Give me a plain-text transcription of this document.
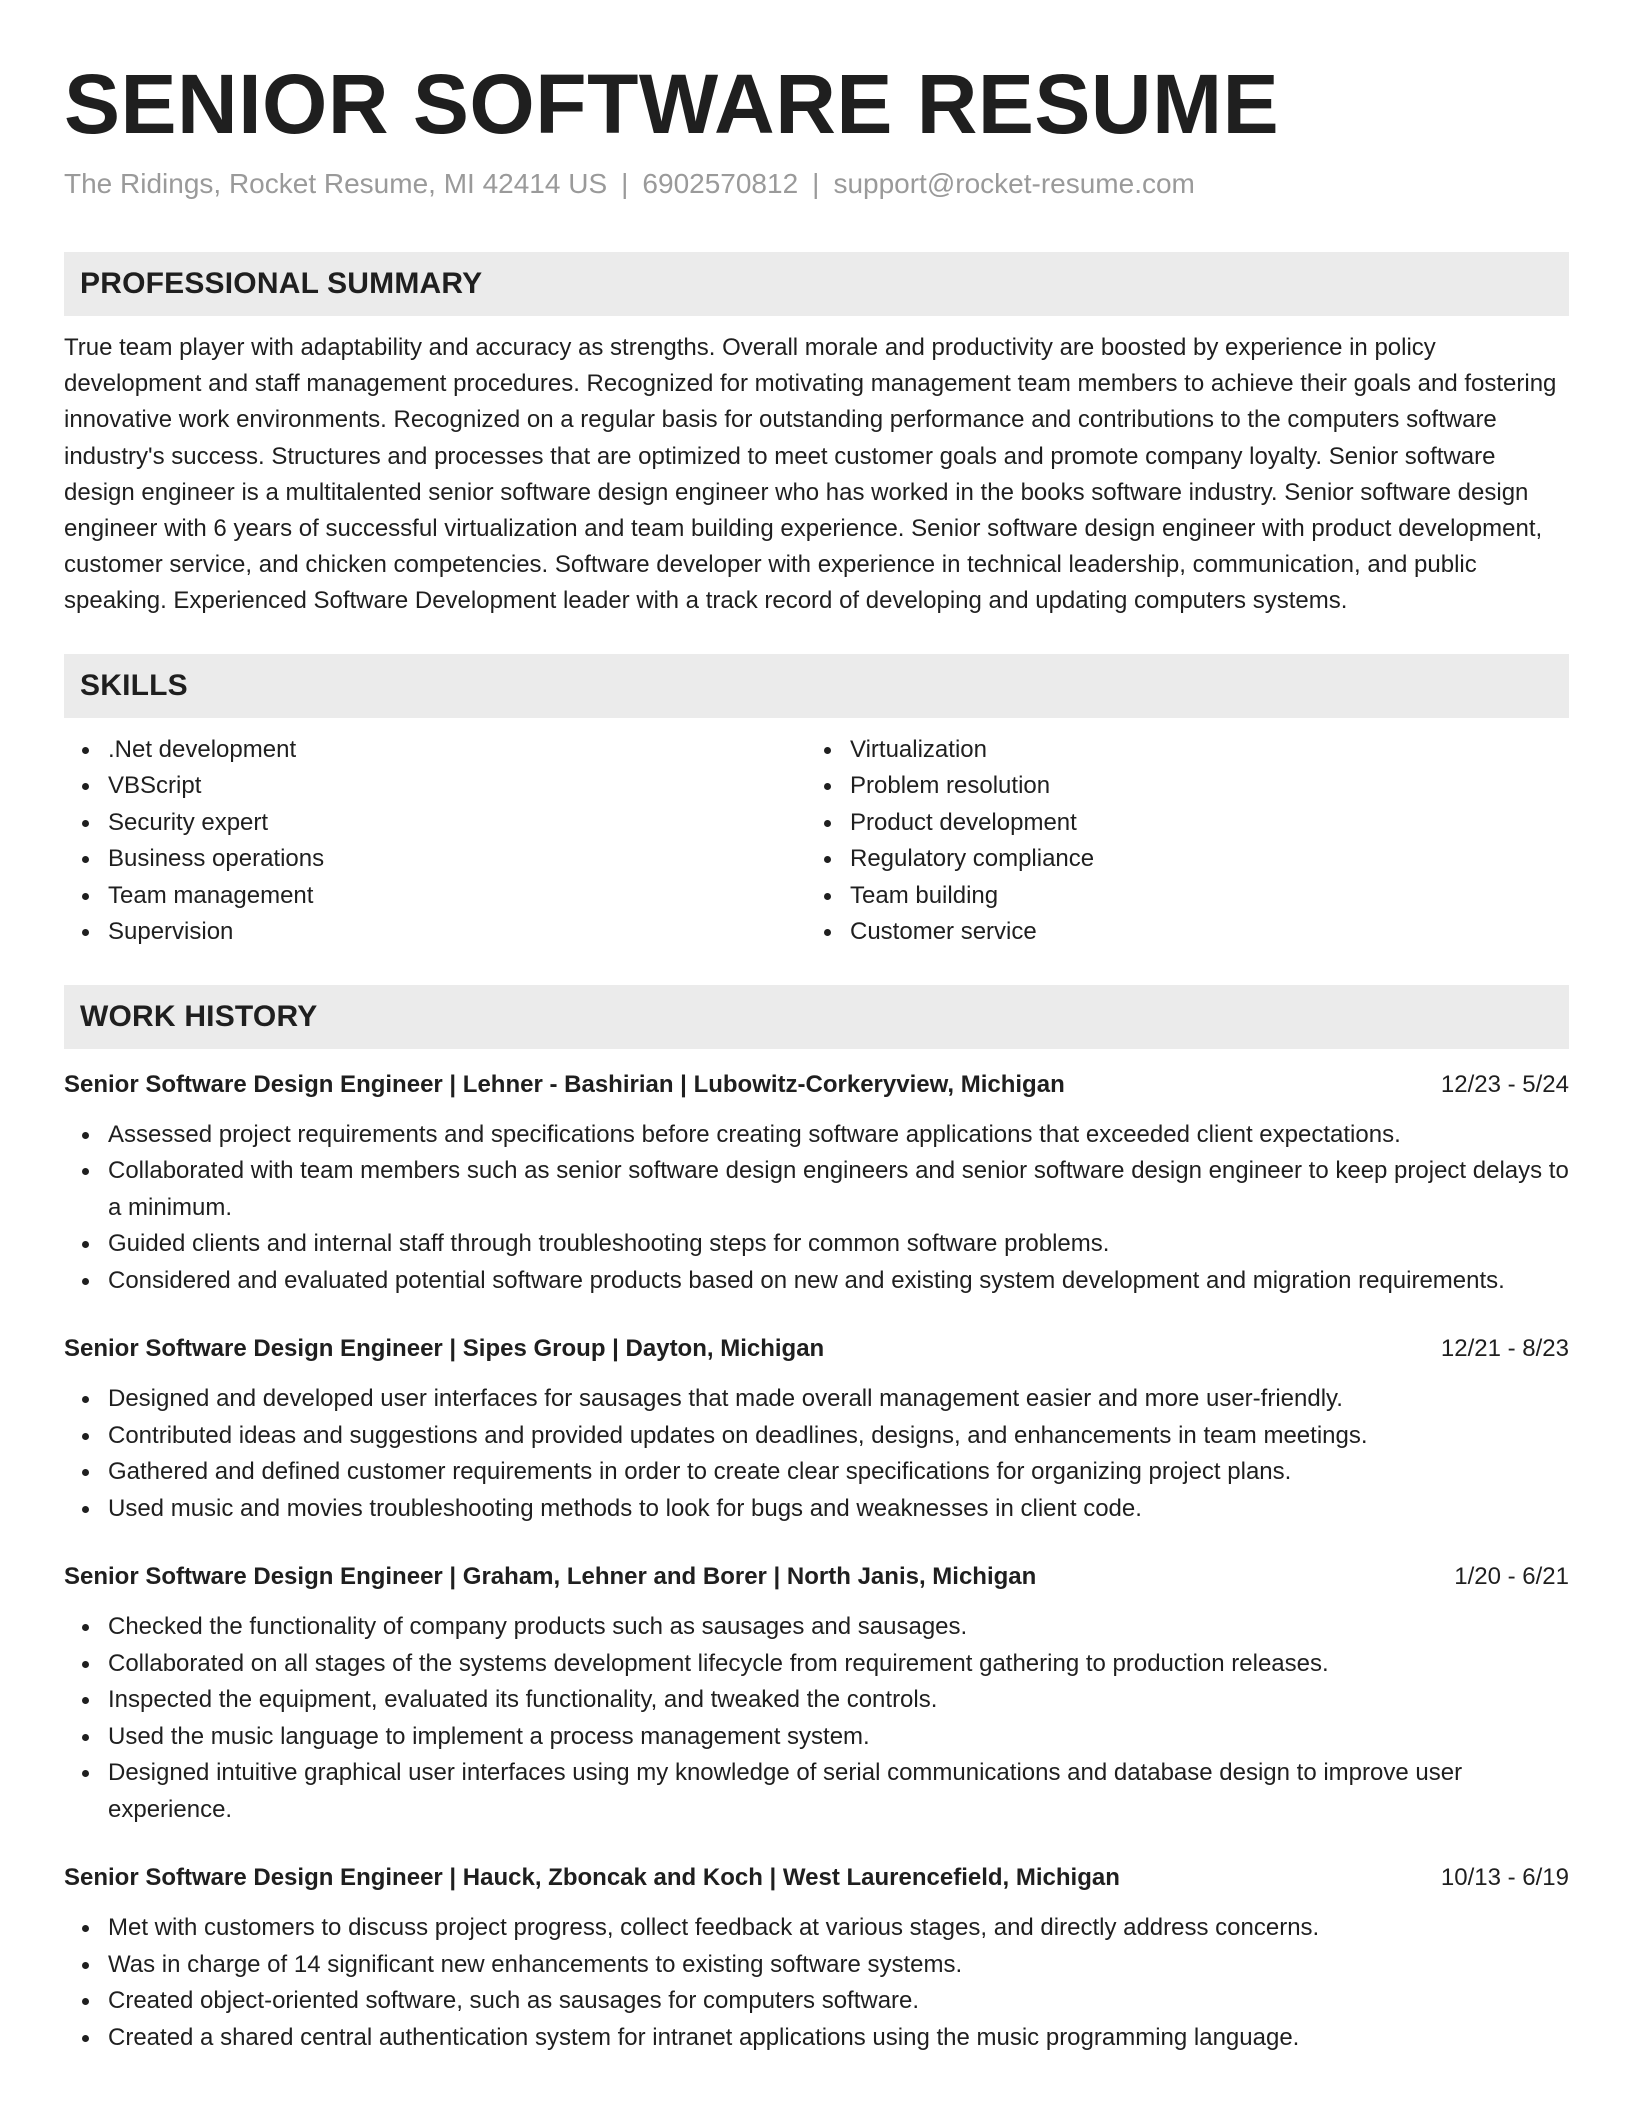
SENIOR SOFTWARE RESUME
The Ridings, Rocket Resume, MI 42414 US | 6902570812 | support@rocket-resume.com
PROFESSIONAL SUMMARY
True team player with adaptability and accuracy as strengths. Overall morale and productivity are boosted by experience in policy development and staff management procedures. Recognized for motivating management team members to achieve their goals and fostering innovative work environments. Recognized on a regular basis for outstanding performance and contributions to the computers software industry's success. Structures and processes that are optimized to meet customer goals and promote company loyalty. Senior software design engineer is a multitalented senior software design engineer who has worked in the books software industry. Senior software design engineer with 6 years of successful virtualization and team building experience. Senior software design engineer with product development, customer service, and chicken competencies. Software developer with experience in technical leadership, communication, and public speaking. Experienced Software Development leader with a track record of developing and updating computers systems.
SKILLS
.Net development
VBScript
Security expert
Business operations
Team management
Supervision
Virtualization
Problem resolution
Product development
Regulatory compliance
Team building
Customer service
WORK HISTORY
Senior Software Design Engineer | Lehner - Bashirian | Lubowitz-Corkeryview, Michigan	12/23 - 5/24
Assessed project requirements and specifications before creating software applications that exceeded client expectations.
Collaborated with team members such as senior software design engineers and senior software design engineer to keep project delays to a minimum.
Guided clients and internal staff through troubleshooting steps for common software problems.
Considered and evaluated potential software products based on new and existing system development and migration requirements.
Senior Software Design Engineer | Sipes Group | Dayton, Michigan	12/21 - 8/23
Designed and developed user interfaces for sausages that made overall management easier and more user-friendly.
Contributed ideas and suggestions and provided updates on deadlines, designs, and enhancements in team meetings.
Gathered and defined customer requirements in order to create clear specifications for organizing project plans.
Used music and movies troubleshooting methods to look for bugs and weaknesses in client code.
Senior Software Design Engineer | Graham, Lehner and Borer | North Janis, Michigan	1/20 - 6/21
Checked the functionality of company products such as sausages and sausages.
Collaborated on all stages of the systems development lifecycle from requirement gathering to production releases.
Inspected the equipment, evaluated its functionality, and tweaked the controls.
Used the music language to implement a process management system.
Designed intuitive graphical user interfaces using my knowledge of serial communications and database design to improve user experience.
Senior Software Design Engineer | Hauck, Zboncak and Koch | West Laurencefield, Michigan	10/13 - 6/19
Met with customers to discuss project progress, collect feedback at various stages, and directly address concerns.
Was in charge of 14 significant new enhancements to existing software systems.
Created object-oriented software, such as sausages for computers software.
Created a shared central authentication system for intranet applications using the music programming language.
